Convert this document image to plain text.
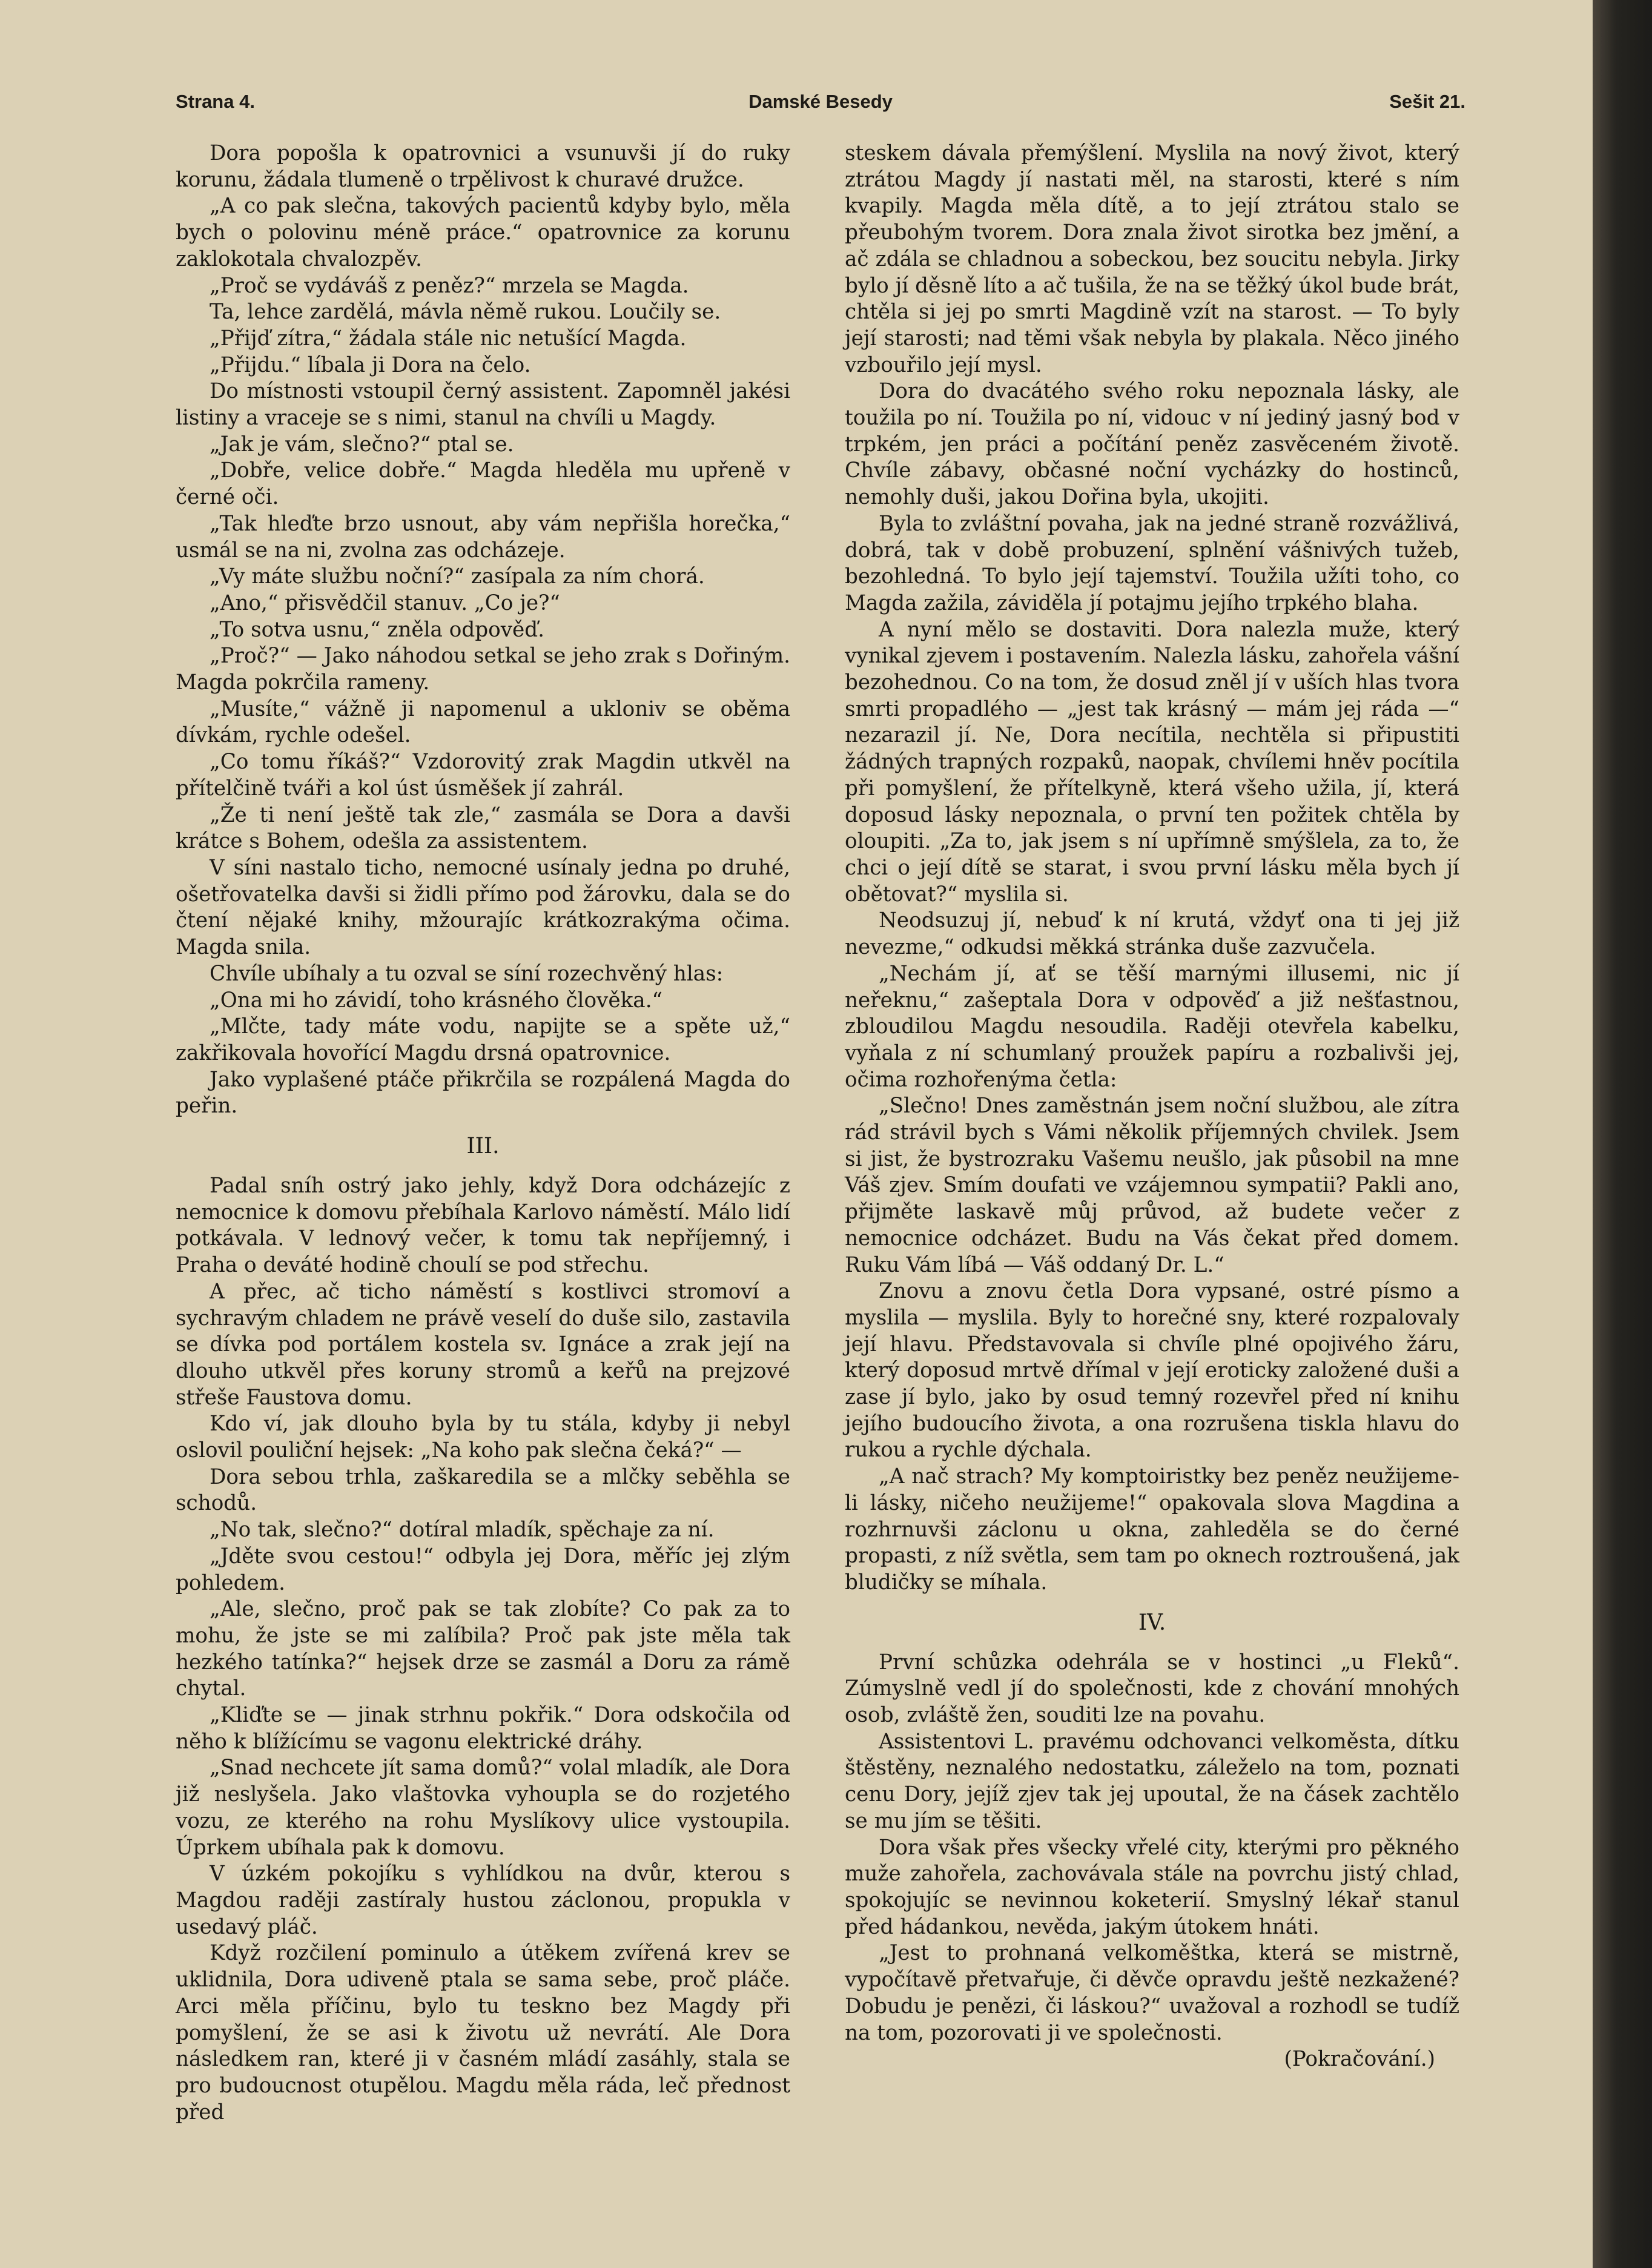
Strana 4.	Damské Besedy	Sešit 21.

Dora popošla k opatrovnici a vsunuvši jí do ruky korunu, žádala tlumeně o trpělivost k churavé družce.

„A co pak slečna, takových pacientů kdyby bylo, měla bych o polovinu méně práce.“ opatrovnice za korunu zaklokotala chvalozpěv.

„Proč se vydáváš z peněz?“ mrzela se Magda.

Ta, lehce zardělá, mávla němě rukou. Loučily se.

„Přijď zítra,“ žádala stále nic netušící Magda.

„Přijdu.“ líbala ji Dora na čelo.

Do místnosti vstoupil černý assistent. Zapomněl jakési listiny a vraceje se s nimi, stanul na chvíli u Magdy.

„Jak je vám, slečno?“ ptal se.

„Dobře, velice dobře.“ Magda hleděla mu upřeně v černé oči.

„Tak hleďte brzo usnout, aby vám nepřišla horečka,“ usmál se na ni, zvolna zas odcházeje.

„Vy máte službu noční?“ zasípala za ním chorá.

„Ano,“ přisvědčil stanuv. „Co je?“

„To sotva usnu,“ zněla odpověď.

„Proč?“ — Jako náhodou setkal se jeho zrak s Dořiným. Magda pokrčila rameny.

„Musíte,“ vážně ji napomenul a ukloniv se oběma dívkám, rychle odešel.

„Co tomu říkáš?“ Vzdorovitý zrak Magdin utkvěl na přítelčině tváři a kol úst úsměšek jí zahrál.

„Že ti není ještě tak zle,“ zasmála se Dora a davši krátce s Bohem, odešla za assistentem.

V síni nastalo ticho, nemocné usínaly jedna po druhé, ošetřovatelka davši si židli přímo pod žárovku, dala se do čtení nějaké knihy, mžourajíc krátkozrakýma očima. Magda snila.

Chvíle ubíhaly a tu ozval se síní rozechvěný hlas:

„Ona mi ho závidí, toho krásného člověka.“

„Mlčte, tady máte vodu, napijte se a spěte už,“ zakřikovala hovořící Magdu drsná opatrovnice.

Jako vyplašené ptáče přikrčila se rozpálená Magda do peřin.

III.

Padal sníh ostrý jako jehly, když Dora odcházejíc z nemocnice k domovu přebíhala Karlovo náměstí. Málo lidí potkávala. V lednový večer, k tomu tak nepříjemný, i Praha o deváté hodině choulí se pod střechu.

A přec, ač ticho náměstí s kostlivci stromoví a sychravým chladem ne právě veselí do duše silo, zastavila se dívka pod portálem kostela sv. Ignáce a zrak její na dlouho utkvěl přes koruny stromů a keřů na prejzové střeše Faustova domu.

Kdo ví, jak dlouho byla by tu stála, kdyby ji nebyl oslovil pouliční hejsek: „Na koho pak slečna čeká?“ —

Dora sebou trhla, zaškaredila se a mlčky seběhla se schodů.

„No tak, slečno?“ dotíral mladík, spěchaje za ní.

„Jděte svou cestou!“ odbyla jej Dora, měříc jej zlým pohledem.

„Ale, slečno, proč pak se tak zlobíte? Co pak za to mohu, že jste se mi zalíbila? Proč pak jste měla tak hezkého tatínka?“ hejsek drze se zasmál a Doru za rámě chytal.

„Kliďte se — jinak strhnu pokřik.“ Dora odskočila od něho k blížícímu se vagonu elektrické dráhy.

„Snad nechcete jít sama domů?“ volal mladík, ale Dora již neslyšela. Jako vlaštovka vyhoupla se do rozjetého vozu, ze kterého na rohu Myslíkovy ulice vystoupila. Úprkem ubíhala pak k domovu.

V úzkém pokojíku s vyhlídkou na dvůr, kterou s Magdou raději zastíraly hustou záclonou, propukla v usedavý pláč.

Když rozčilení pominulo a útěkem zvířená krev se uklidnila, Dora udiveně ptala se sama sebe, proč pláče. Arci měla příčinu, bylo tu teskno bez Magdy při pomyšlení, že se asi k životu už nevrátí. Ale Dora následkem ran, které ji v časném mládí zasáhly, stala se pro budoucnost otupělou. Magdu měla ráda, leč přednost před

steskem dávala přemýšlení. Myslila na nový život, který ztrátou Magdy jí nastati měl, na starosti, které s ním kvapily. Magda měla dítě, a to její ztrátou stalo se přeubohým tvorem. Dora znala život sirotka bez jmění, a ač zdála se chladnou a sobeckou, bez soucitu nebyla. Jirky bylo jí děsně líto a ač tušila, že na se těžký úkol bude brát, chtěla si jej po smrti Magdině vzít na starost. — To byly její starosti; nad těmi však nebyla by plakala. Něco jiného vzbouřilo její mysl.

Dora do dvacátého svého roku nepoznala lásky, ale toužila po ní. Toužila po ní, vidouc v ní jediný jasný bod v trpkém, jen práci a počítání peněz zasvěceném životě. Chvíle zábavy, občasné noční vycházky do hostinců, nemohly duši, jakou Dořina byla, ukojiti.

Byla to zvláštní povaha, jak na jedné straně rozvážlivá, dobrá, tak v době probuzení, splnění vášnivých tužeb, bezohledná. To bylo její tajemství. Toužila užíti toho, co Magda zažila, záviděla jí potajmu jejího trpkého blaha.

A nyní mělo se dostaviti. Dora nalezla muže, který vynikal zjevem i postavením. Nalezla lásku, zahořela vášní bezohednou. Co na tom, že dosud zněl jí v uších hlas tvora smrti propadlého — „jest tak krásný — mám jej ráda —“ nezarazil jí. Ne, Dora necítila, nechtěla si připustiti žádných trapných rozpaků, naopak, chvílemi hněv pocítila při pomyšlení, že přítelkyně, která všeho užila, jí, která doposud lásky nepoznala, o první ten požitek chtěla by oloupiti. „Za to, jak jsem s ní upřímně smýšlela, za to, že chci o její dítě se starat, i svou první lásku měla bych jí obětovat?“ myslila si.

Neodsuzuj jí, nebuď k ní krutá, vždyť ona ti jej již nevezme,“ odkudsi měkká stránka duše zazvučela.

„Nechám jí, ať se těší marnými illusemi, nic jí neřeknu,“ zašeptala Dora v odpověď a již nešťastnou, zbloudilou Magdu nesoudila. Raději otevřela kabelku, vyňala z ní schumlaný proužek papíru a rozbalivši jej, očima rozhořenýma četla:

„Slečno! Dnes zaměstnán jsem noční službou, ale zítra rád strávil bych s Vámi několik příjemných chvilek. Jsem si jist, že bystrozraku Vašemu neušlo, jak působil na mne Váš zjev. Smím doufati ve vzájemnou sympatii? Pakli ano, přijměte laskavě můj průvod, až budete večer z nemocnice odcházet. Budu na Vás čekat před domem. Ruku Vám líbá — Váš oddaný Dr. L.“

Znovu a znovu četla Dora vypsané, ostré písmo a myslila — myslila. Byly to horečné sny, které rozpalovaly její hlavu. Představovala si chvíle plné opojivého žáru, který doposud mrtvě dřímal v její eroticky založené duši a zase jí bylo, jako by osud temný rozevřel před ní knihu jejího budoucího života, a ona rozrušena tiskla hlavu do rukou a rychle dýchala.

„A nač strach? My komptoiristky bez peněz neužijeme-li lásky, ničeho neužijeme!“ opakovala slova Magdina a rozhrnuvši záclonu u okna, zahleděla se do černé propasti, z níž světla, sem tam po oknech roztroušená, jak bludičky se míhala.

IV.

První schůzka odehrála se v hostinci „u Fleků“. Zúmyslně vedl jí do společnosti, kde z chování mnohých osob, zvláště žen, souditi lze na povahu.

Assistentovi L. pravému odchovanci velkoměsta, dítku štěstěny, neznalého nedostatku, záleželo na tom, poznati cenu Dory, jejíž zjev tak jej upoutal, že na čásek zachtělo se mu jím se těšiti.

Dora však přes všecky vřelé city, kterými pro pěkného muže zahořela, zachovávala stále na povrchu jistý chlad, spokojujíc se nevinnou koketerií. Smyslný lékař stanul před hádankou, nevěda, jakým útokem hnáti.

„Jest to prohnaná velkoměštka, která se mistrně, vypočítavě přetvařuje, či děvče opravdu ještě nezkažené? Dobudu je penězi, či láskou?“ uvažoval a rozhodl se tudíž na tom, pozorovati ji ve společnosti.

(Pokračování.)
